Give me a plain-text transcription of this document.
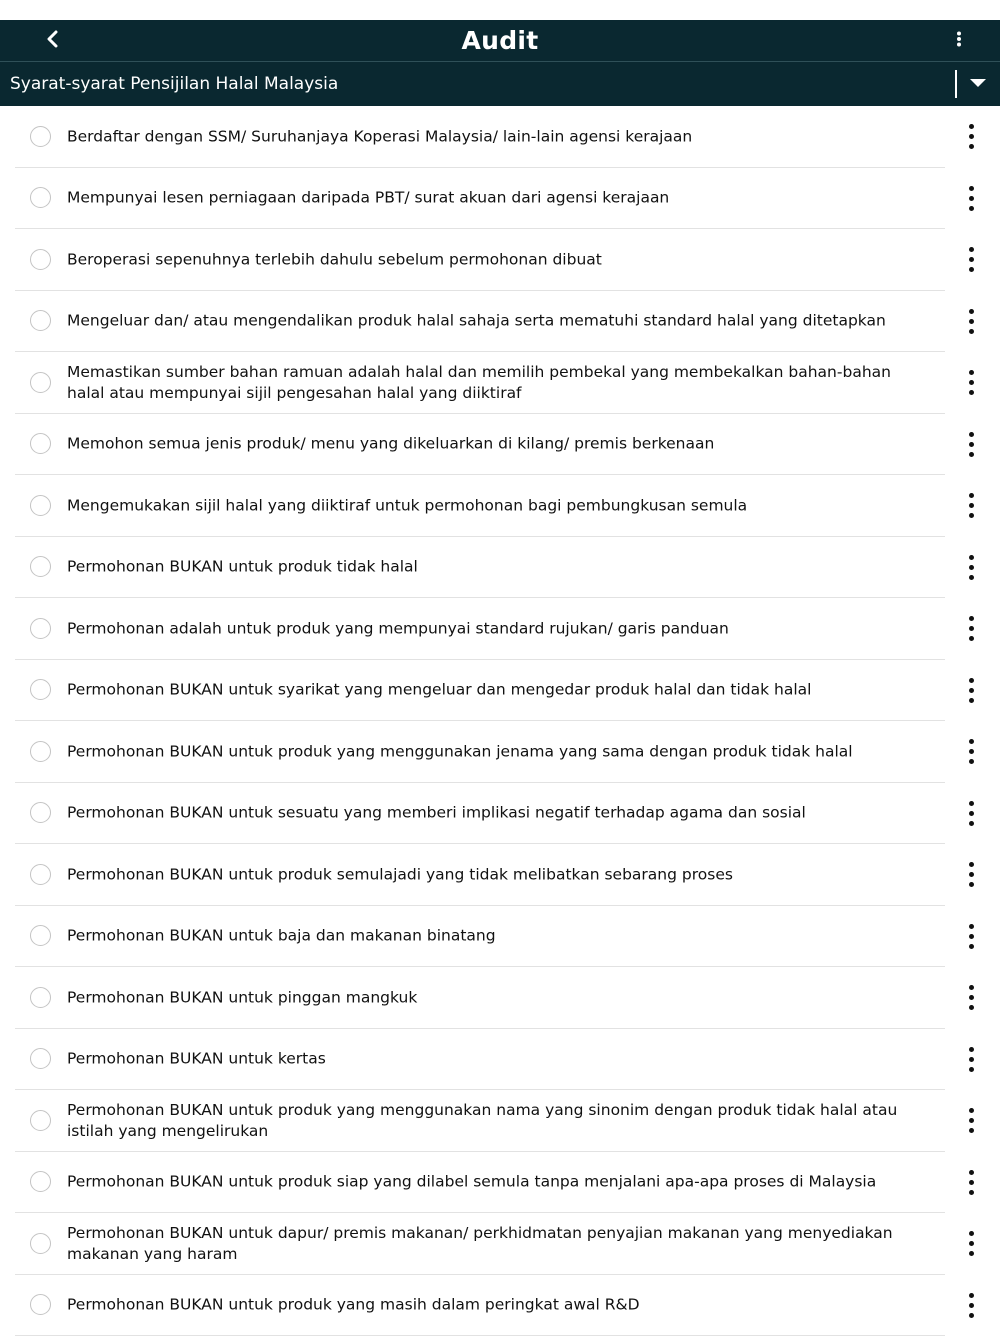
Audit
Syarat-syarat Pensijilan Halal Malaysia
Berdaftar dengan SSM/ Suruhanjaya Koperasi Malaysia/ lain-lain agensi kerajaan
Mempunyai lesen perniagaan daripada PBT/ surat akuan dari agensi kerajaan
Beroperasi sepenuhnya terlebih dahulu sebelum permohonan dibuat
Mengeluar dan/ atau mengendalikan produk halal sahaja serta mematuhi standard halal yang ditetapkan
Memastikan sumber bahan ramuan adalah halal dan memilih pembekal yang membekalkan bahan-bahan halal atau mempunyai sijil pengesahan halal yang diiktiraf
Memohon semua jenis produk/ menu yang dikeluarkan di kilang/ premis berkenaan
Mengemukakan sijil halal yang diiktiraf untuk permohonan bagi pembungkusan semula
Permohonan BUKAN untuk produk tidak halal
Permohonan adalah untuk produk yang mempunyai standard rujukan/ garis panduan
Permohonan BUKAN untuk syarikat yang mengeluar dan mengedar produk halal dan tidak halal
Permohonan BUKAN untuk produk yang menggunakan jenama yang sama dengan produk tidak halal
Permohonan BUKAN untuk sesuatu yang memberi implikasi negatif terhadap agama dan sosial
Permohonan BUKAN untuk produk semulajadi yang tidak melibatkan sebarang proses
Permohonan BUKAN untuk baja dan makanan binatang
Permohonan BUKAN untuk pinggan mangkuk
Permohonan BUKAN untuk kertas
Permohonan BUKAN untuk produk yang menggunakan nama yang sinonim dengan produk tidak halal atau istilah yang mengelirukan
Permohonan BUKAN untuk produk siap yang dilabel semula tanpa menjalani apa-apa proses di Malaysia
Permohonan BUKAN untuk dapur/ premis makanan/ perkhidmatan penyajian makanan yang menyediakan makanan yang haram
Permohonan BUKAN untuk produk yang masih dalam peringkat awal R&D
